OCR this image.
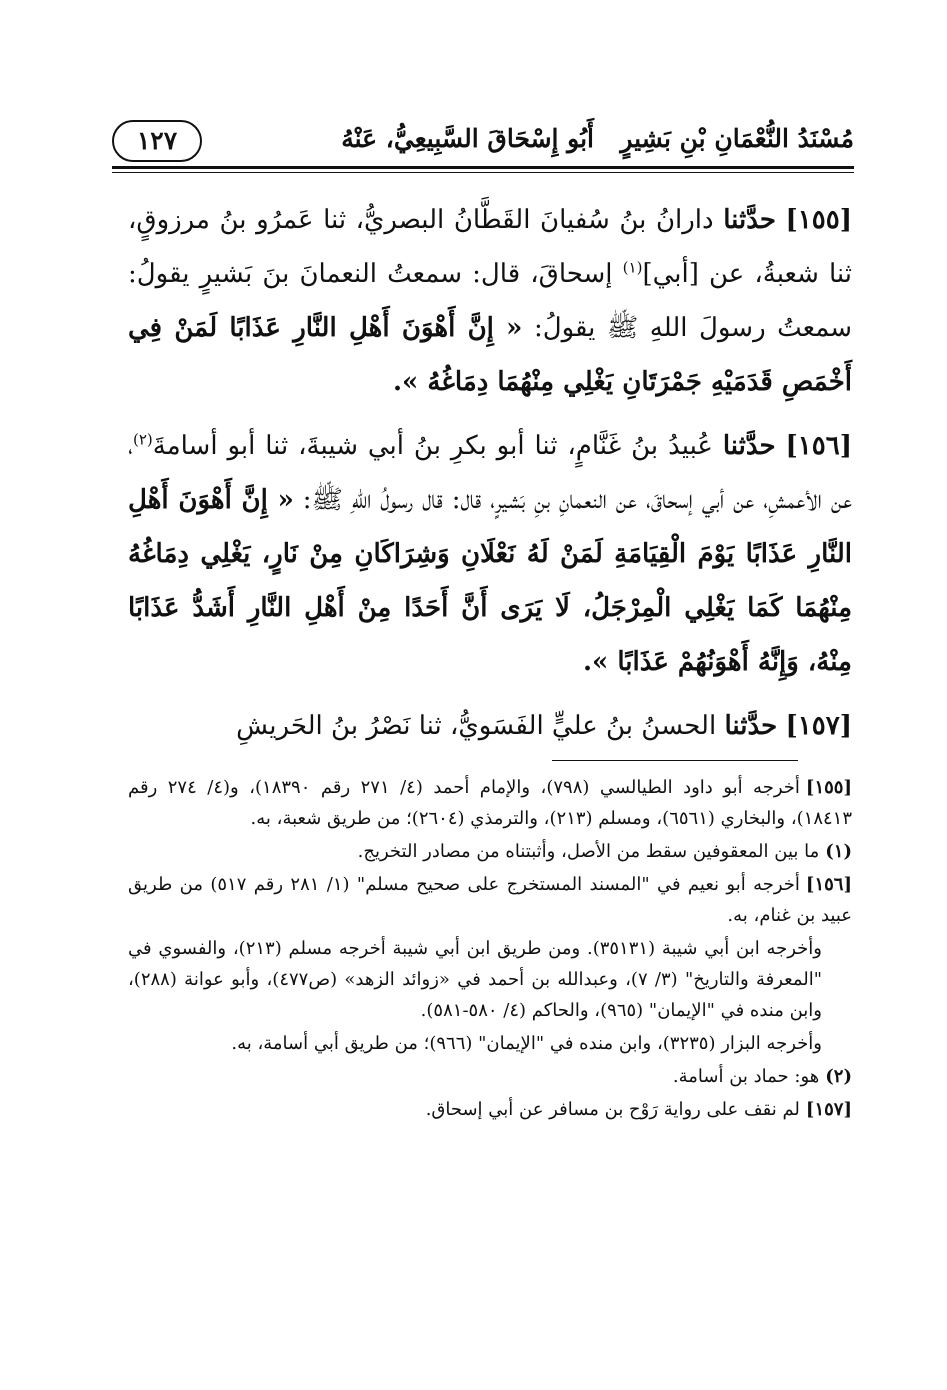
مُسْنَدُ النُّعْمَانِ بْنِ بَشِيرٍ
أَبُو إِسْحَاقَ السَّبِيعِيُّ، عَنْهُ
١٢٧

[١٥٥] حدَّثنا دارانُ بنُ سُفيانَ القَطَّانُ البصريُّ، ثنا عَمرُو بنُ مرزوقٍ، ثنا شعبةُ، عن [أبي]$^{(١)}$ إسحاقَ، قال: سمعتُ النعمانَ بنَ بَشيرٍ يقولُ: سمعتُ رسولَ اللهِ ﷺ يقولُ: « إِنَّ أَهْوَنَ أَهْلِ النَّارِ عَذَابًا لَمَنْ فِي أَخْمَصِ قَدَمَيْهِ جَمْرَتَانِ يَغْلِي مِنْهُمَا دِمَاغُهُ ».

[١٥٦] حدَّثنا عُبيدُ بنُ غَنَّامٍ، ثنا أبو بكرِ بنُ أبي شيبةَ، ثنا أبو أسامةَ$^{(٢)}$، عن الأعمشِ، عن أبي إسحاقَ، عن النعمانِ بنِ بَشيرٍ، قال: قال رسولُ اللهِ ﷺ: « إِنَّ أَهْوَنَ أَهْلِ النَّارِ عَذَابًا يَوْمَ الْقِيَامَةِ لَمَنْ لَهُ نَعْلَانِ وَشِرَاكَانِ مِنْ نَارٍ، يَغْلِي دِمَاغُهُ مِنْهُمَا كَمَا يَغْلِي الْمِرْجَلُ، لَا يَرَى أَنَّ أَحَدًا مِنْ أَهْلِ النَّارِ أَشَدُّ عَذَابًا مِنْهُ، وَإِنَّهُ أَهْوَنُهُمْ عَذَابًا ».

[١٥٧] حدَّثنا الحسنُ بنُ عليٍّ الفَسَويُّ، ثنا نَصْرُ بنُ الحَريشِ

[١٥٥]أخرجه أبو داود الطيالسي (٧٩٨)، والإمام أحمد (٤/ ٢٧١ رقم ١٨٣٩٠)، و(٤/ ٢٧٤ رقم ١٨٤١٣)، والبخاري (٦٥٦١)، ومسلم (٢١٣)، والترمذي (٢٦٠٤)؛ من طريق شعبة، به.

(١)ما بين المعقوفين سقط من الأصل، وأثبتناه من مصادر التخريج.

[١٥٦]أخرجه أبو نعيم في "المسند المستخرج على صحيح مسلم" (١/ ٢٨١ رقم ٥١٧) من طريق عبيد بن غنام، به.

وأخرجه ابن أبي شيبة (٣٥١٣١). ومن طريق ابن أبي شيبة أخرجه مسلم (٢١٣)، والفسوي في "المعرفة والتاريخ" (٣/ ٧)، وعبدالله بن أحمد في «زوائد الزهد» (ص٤٧٧)، وأبو عوانة (٢٨٨)، وابن منده في "الإيمان" (٩٦٥)، والحاكم (٤/ ٥٨٠-٥٨١).

وأخرجه البزار (٣٢٣٥)، وابن منده في "الإيمان" (٩٦٦)؛ من طريق أبي أسامة، به.

(٢)هو: حماد بن أسامة.

[١٥٧]لم نقف على رواية رَوْح بن مسافر عن أبي إسحاق.
